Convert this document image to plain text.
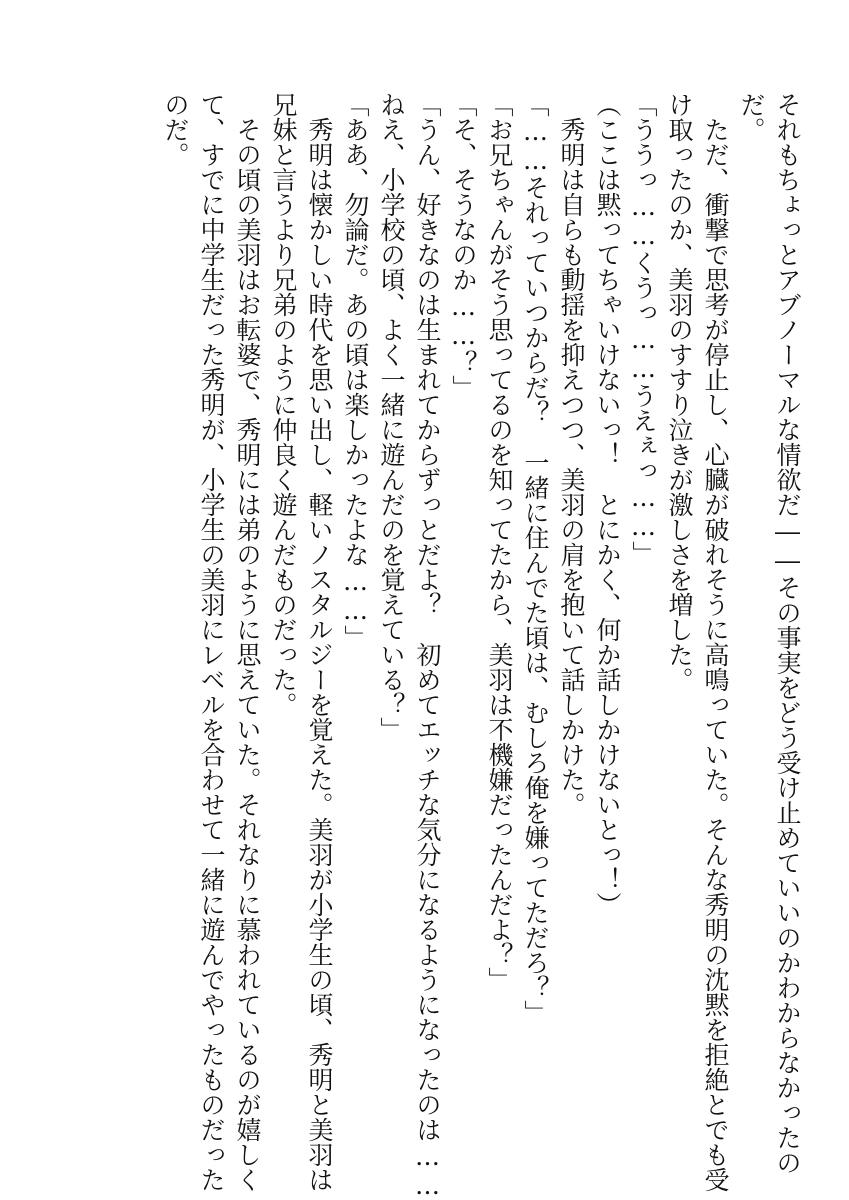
それもちょっとアブノーマルな情欲だ――その事実をどう受け止めていいのかわからなかったの
だ。
　ただ、衝撃で思考が停止し、心臓が破れそうに高鳴っていた。そんな秀明の沈黙を拒絶とでも受
け取ったのか、美羽のすすり泣きが激しさを増した。
「ううっ……くうっ……うえぇっ……」
（ここは黙ってちゃいけないっ！　とにかく、何か話しかけないとっ！）
　秀明は自らも動揺を抑えつつ、美羽の肩を抱いて話しかけた。
「……それっていつからだ？　一緒に住んでた頃は、むしろ俺を嫌ってただろ？」
「お兄ちゃんがそう思ってるのを知ってたから、美羽は不機嫌だったんだよ？」
「そ、そうなのか……？」
「うん、好きなのは生まれてからずっとだよ？　初めてエッチな気分になるようになったのは……
ねえ、小学校の頃、よく一緒に遊んだのを覚えている？」
「ああ、勿論だ。あの頃は楽しかったよな……」
　秀明は懐かしい時代を思い出し、軽いノスタルジーを覚えた。美羽が小学生の頃、秀明と美羽は
兄妹と言うより兄弟のように仲良く遊んだものだった。
　その頃の美羽はお転婆で、秀明には弟のように思えていた。それなりに慕われているのが嬉しく
て、すでに中学生だった秀明が、小学生の美羽にレベルを合わせて一緒に遊んでやったものだった
のだ。
